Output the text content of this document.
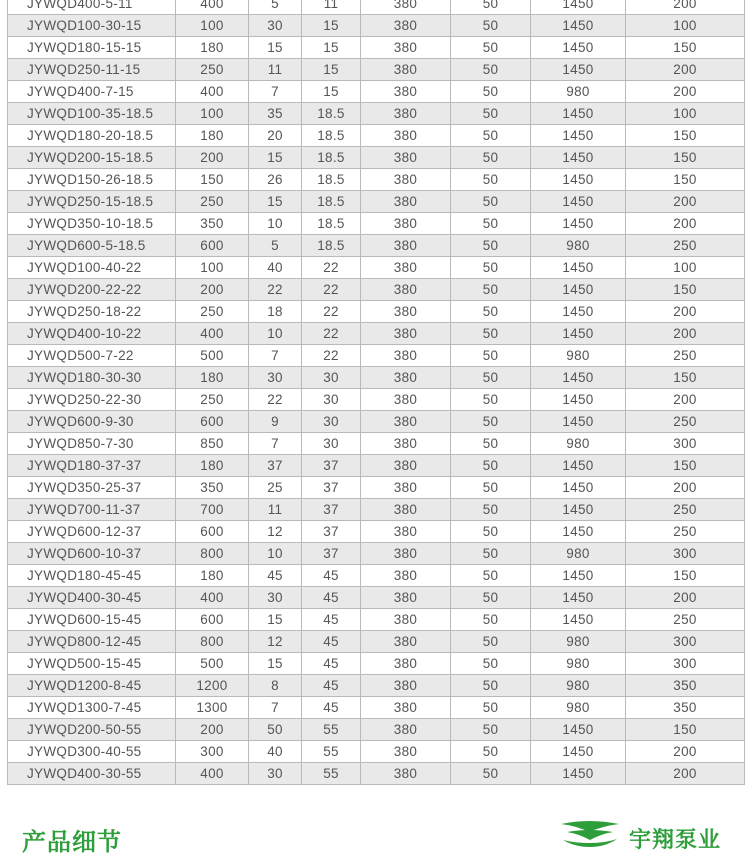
JYWQD400-5-11	400	5	11	380	50	1450	200
JYWQD100-30-15	100	30	15	380	50	1450	100
JYWQD180-15-15	180	15	15	380	50	1450	150
JYWQD250-11-15	250	11	15	380	50	1450	200
JYWQD400-7-15	400	7	15	380	50	980	200
JYWQD100-35-18.5	100	35	18.5	380	50	1450	100
JYWQD180-20-18.5	180	20	18.5	380	50	1450	150
JYWQD200-15-18.5	200	15	18.5	380	50	1450	150
JYWQD150-26-18.5	150	26	18.5	380	50	1450	150
JYWQD250-15-18.5	250	15	18.5	380	50	1450	200
JYWQD350-10-18.5	350	10	18.5	380	50	1450	200
JYWQD600-5-18.5	600	5	18.5	380	50	980	250
JYWQD100-40-22	100	40	22	380	50	1450	100
JYWQD200-22-22	200	22	22	380	50	1450	150
JYWQD250-18-22	250	18	22	380	50	1450	200
JYWQD400-10-22	400	10	22	380	50	1450	200
JYWQD500-7-22	500	7	22	380	50	980	250
JYWQD180-30-30	180	30	30	380	50	1450	150
JYWQD250-22-30	250	22	30	380	50	1450	200
JYWQD600-9-30	600	9	30	380	50	1450	250
JYWQD850-7-30	850	7	30	380	50	980	300
JYWQD180-37-37	180	37	37	380	50	1450	150
JYWQD350-25-37	350	25	37	380	50	1450	200
JYWQD700-11-37	700	11	37	380	50	1450	250
JYWQD600-12-37	600	12	37	380	50	1450	250
JYWQD600-10-37	800	10	37	380	50	980	300
JYWQD180-45-45	180	45	45	380	50	1450	150
JYWQD400-30-45	400	30	45	380	50	1450	200
JYWQD600-15-45	600	15	45	380	50	1450	250
JYWQD800-12-45	800	12	45	380	50	980	300
JYWQD500-15-45	500	15	45	380	50	980	300
JYWQD1200-8-45	1200	8	45	380	50	980	350
JYWQD1300-7-45	1300	7	45	380	50	980	350
JYWQD200-50-55	200	50	55	380	50	1450	150
JYWQD300-40-55	300	40	55	380	50	1450	200
JYWQD400-30-55	400	30	55	380	50	1450	200
产品细节	宇翔泵业
